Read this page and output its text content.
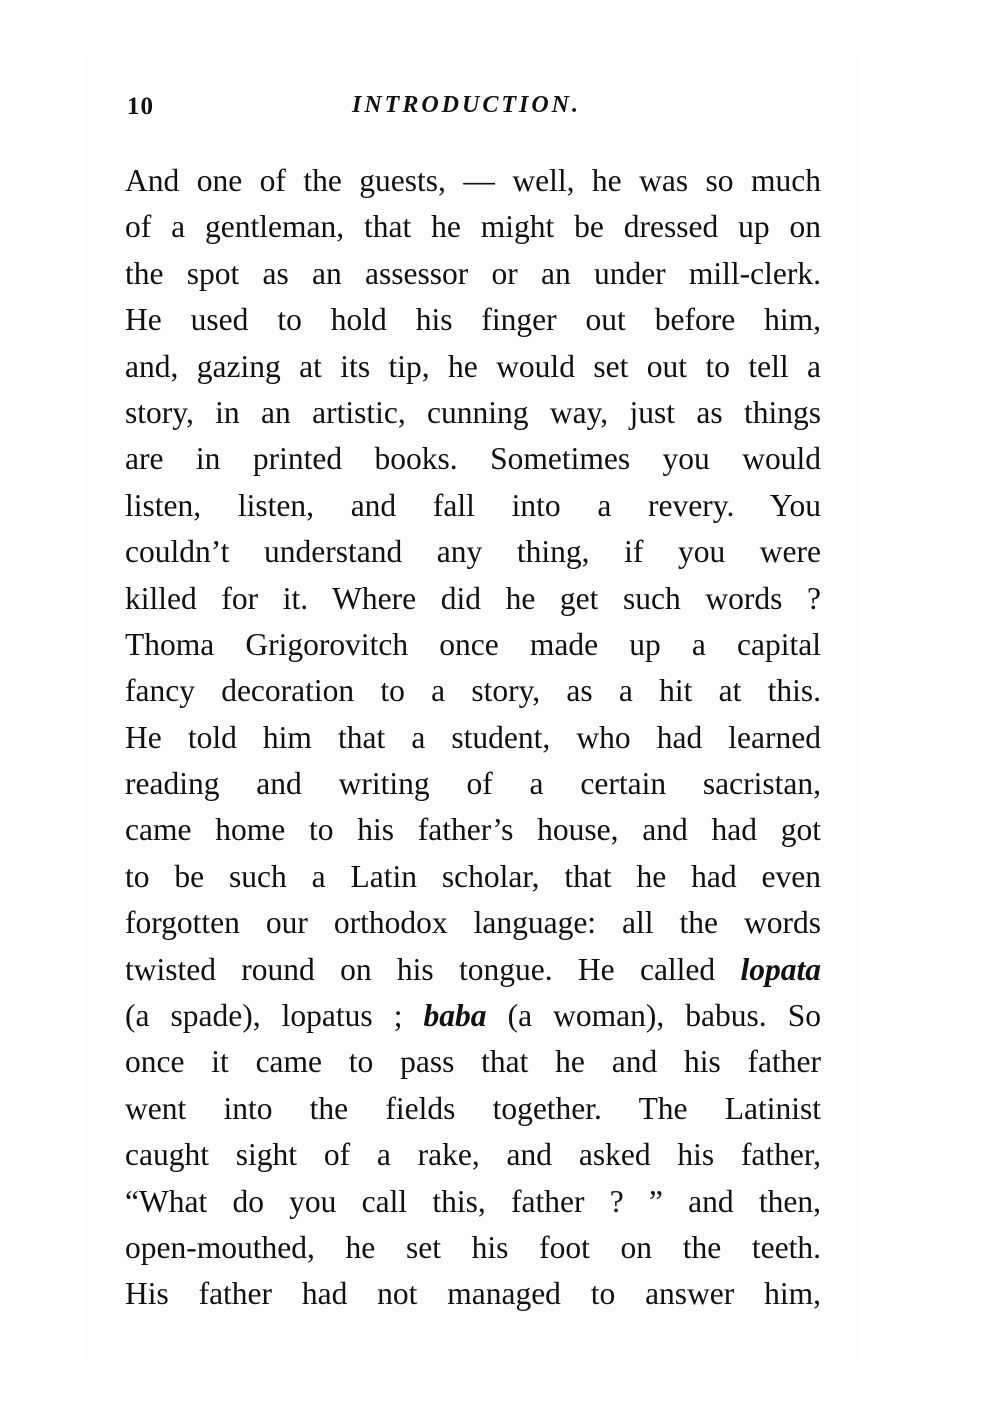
10	INTRODUCTION.
And one of the guests, — well, he was so much
of a gentleman, that he might be dressed up on
the spot as an assessor or an under mill-clerk.
He used to hold his finger out before him,
and, gazing at its tip, he would set out to tell a
story, in an artistic, cunning way, just as things
are in printed books. Sometimes you would
listen, listen, and fall into a revery. You
couldn’t understand any thing, if you were
killed for it. Where did he get such words ?
Thoma Grigorovitch once made up a capital
fancy decoration to a story, as a hit at this.
He told him that a student, who had learned
reading and writing of a certain sacristan,
came home to his father’s house, and had got
to be such a Latin scholar, that he had even
forgotten our orthodox language: all the words
twisted round on his tongue. He called lopata
(a spade), lopatus ; baba (a woman), babus. So
once it came to pass that he and his father
went into the fields together. The Latinist
caught sight of a rake, and asked his father,
“What do you call this, father ? ” and then,
open-mouthed, he set his foot on the teeth.
His father had not managed to answer him,
